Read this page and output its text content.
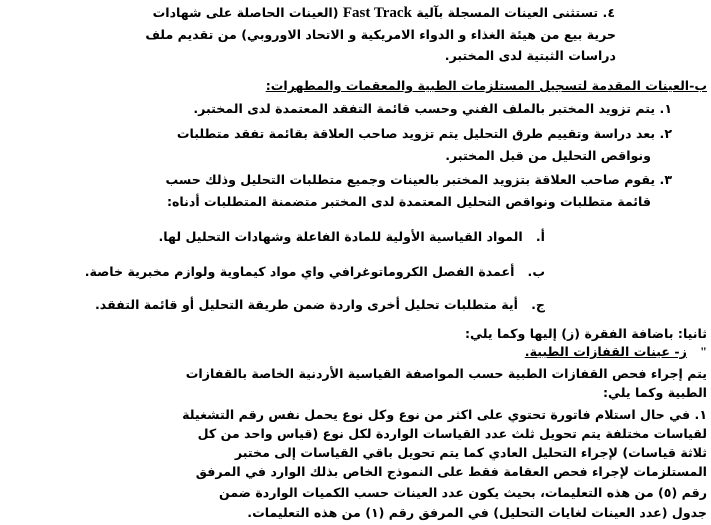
٤. تستثنى العينات المسجلة بآلية Fast Track (العينات الحاصلة على شهادات
حرية بيع من هيئة الغذاء و الدواء الامريكية و الاتحاد الاوروبي) من تقديم ملف
دراسات الثبتية لدى المختبر.
ب-العينات المقدمة لتسجيل المستلزمات الطبية والمعقمات والمطهرات:
١. يتم تزويد المختبر بالملف الفني وحسب قائمة التفقد المعتمدة لدى المختبر.
٢. بعد دراسة وتقييم طرق التحليل يتم تزويد صاحب العلاقة بقائمة تفقد متطلبات
ونواقص التحليل من قبل المختبر.
٣. يقوم صاحب العلاقة بتزويد المختبر بالعينات وجميع متطلبات التحليل وذلك حسب
قائمة متطلبات ونواقص التحليل المعتمدة لدى المختبر متضمنة المتطلبات أدناه:
أ.   المواد القياسية الأولية للمادة الفاعلة وشهادات التحليل لها.
ب.   أعمدة الفصل الكروماتوغرافي واي مواد كيماوية ولوازم مخبرية خاصة.
ج.   أية متطلبات تحليل أخرى واردة ضمن طريقة التحليل أو قائمة التفقد.
ثانيا: باضافة الفقرة (ز) إليها وكما يلي:
"   ز- عينات القفازات الطبية.
يتم إجراء فحص القفازات الطبية حسب المواصفة القياسية الأردنية الخاصة بالقفازات
الطبية وكما يلي:
١. في حال استلام فاتورة تحتوي على اكثر من نوع وكل نوع يحمل نفس رقم التشغيلة
لقياسات مختلفة يتم تحويل ثلث عدد القياسات الواردة لكل نوع (قياس واحد من كل
ثلاثة قياسات) لإجراء التحليل العادي كما يتم تحويل باقي القياسات إلى مختبر
المستلزمات لإجراء فحص العقامة فقط على النموذج الخاص بذلك الوارد في المرفق
رقم (٥) من هذه التعليمات، بحيث يكون عدد العينات حسب الكميات الواردة ضمن
جدول (عدد العينات لغايات التحليل) في المرفق رقم (١) من هذه التعليمات.
